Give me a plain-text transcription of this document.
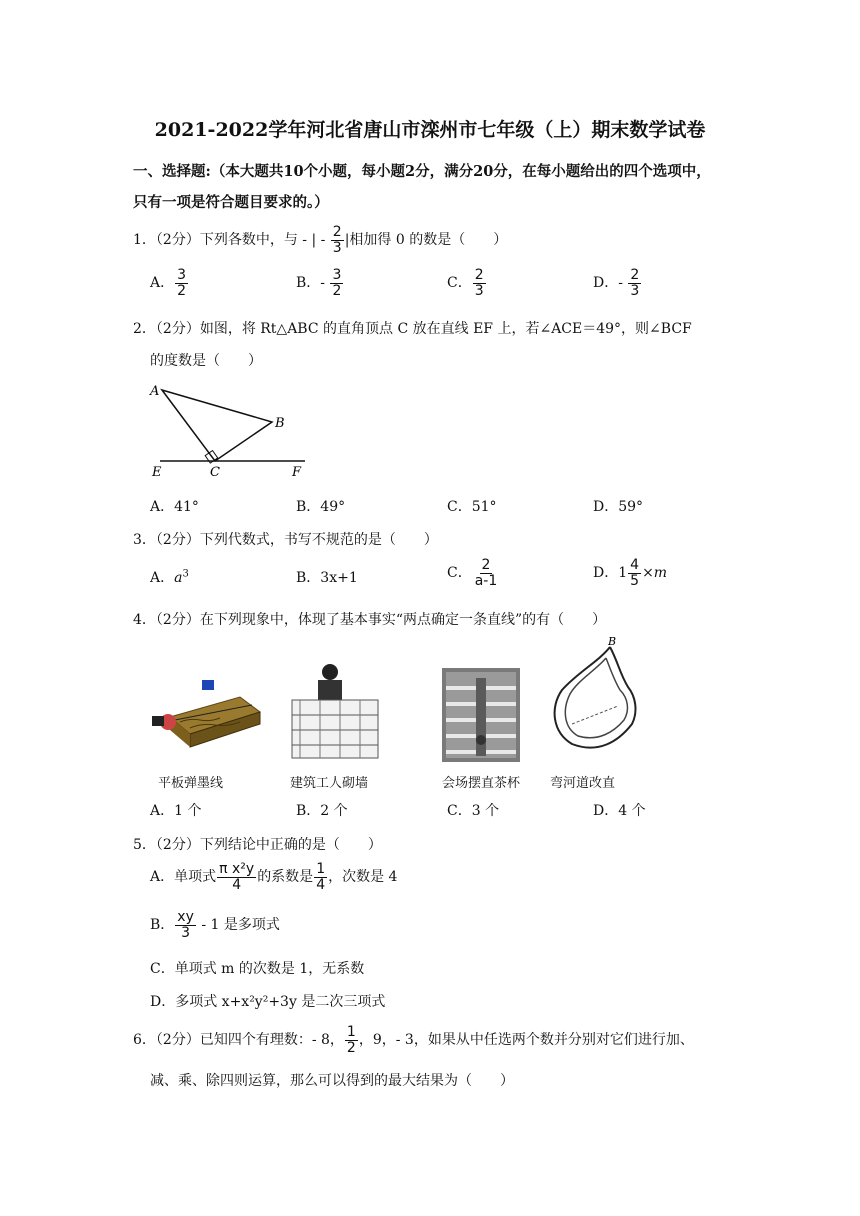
2021-2022学年河北省唐山市滦州市七年级（上）期末数学试卷
一、选择题:（本大题共10个小题，每小题2分，满分20分，在每小题给出的四个选项中，
只有一项是符合题目要求的。）
1．（2分）下列各数中，与 - | - $\frac{2}{3}$ |相加得 0 的数是（　　）
A． $\frac{3}{2}$	B．- $\frac{3}{2}$	C． $\frac{2}{3}$	D．- $\frac{2}{3}$
2．（2分）如图，将 Rt△ABC 的直角顶点 C 放在直线 EF 上，若∠ACE＝49°，则∠BCF
的度数是（　　）
A
B
C
E	F
A．41°	B．49°	C．51°	D．59°
3．（2分）下列代数式，书写不规范的是（　　）
A．$a^3$	B．3x+1	C． $\frac{2}{a-1}$	D．$1 \frac{4}{5} \times m$
4．（2分）在下列现象中，体现了基本事实“两点确定一条直线”的有（　　）
平板弹墨线	建筑工人砌墙	会场摆直茶杯
B
弯河道改直
A．1 个	B．2 个	C．3 个	D．4 个
5．（2分）下列结论中正确的是（　　）
A．单项式 $\frac{\text{π x²y}}{4}$ 的系数是 $\frac{1}{4}$ ，次数是 4
B． $\frac{xy}{3} - 1$ 是多项式
C．单项式 m 的次数是 1，无系数
D．多项式 x+x²y²+3y 是二次三项式
6．（2分）已知四个有理数：- 8， $\frac{1}{2}$ ，9，- 3，如果从中任选两个数并分别对它们进行加、
减、乘、除四则运算，那么可以得到的最大结果为（　　）
